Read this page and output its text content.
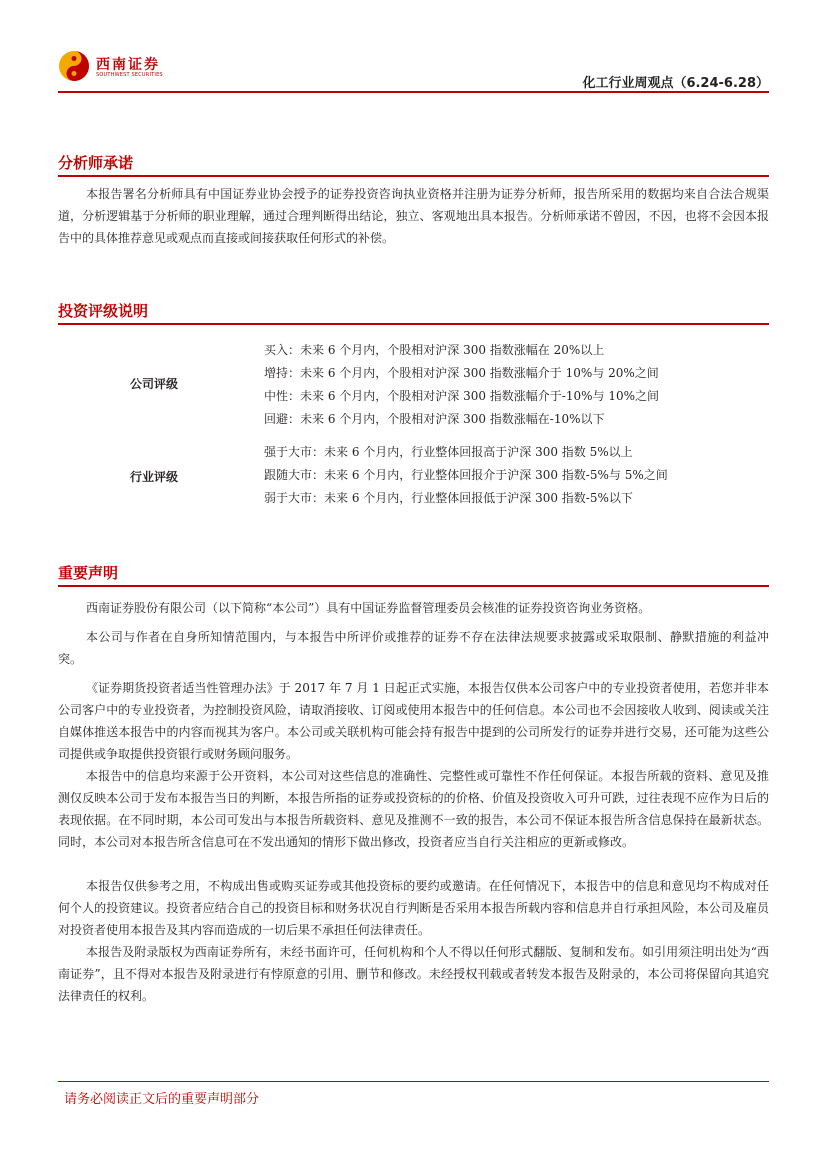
西南证券
SOUTHWEST SECURITIES
化工行业周观点（6.24-6.28）
分析师承诺

本报告署名分析师具有中国证券业协会授予的证券投资咨询执业资格并注册为证券分析师，报告所采用的数据均来自合法合规渠道，分析逻辑基于分析师的职业理解，通过合理判断得出结论，独立、客观地出具本报告。分析师承诺不曾因，不因，也将不会因本报告中的具体推荐意见或观点而直接或间接获取任何形式的补偿。

投资评级说明
公司评级
买入：未来 6 个月内，个股相对沪深 300 指数涨幅在 20%以上
增持：未来 6 个月内，个股相对沪深 300 指数涨幅介于 10%与 20%之间
中性：未来 6 个月内，个股相对沪深 300 指数涨幅介于-10%与 10%之间
回避：未来 6 个月内，个股相对沪深 300 指数涨幅在-10%以下
行业评级
强于大市：未来 6 个月内，行业整体回报高于沪深 300 指数 5%以上
跟随大市：未来 6 个月内，行业整体回报介于沪深 300 指数-5%与 5%之间
弱于大市：未来 6 个月内，行业整体回报低于沪深 300 指数-5%以下
重要声明

西南证券股份有限公司（以下简称“本公司”）具有中国证券监督管理委员会核准的证券投资咨询业务资格。

本公司与作者在自身所知情范围内，与本报告中所评价或推荐的证券不存在法律法规要求披露或采取限制、静默措施的利益冲突。

《证券期货投资者适当性管理办法》于 2017 年 7 月 1 日起正式实施，本报告仅供本公司客户中的专业投资者使用，若您并非本公司客户中的专业投资者，为控制投资风险，请取消接收、订阅或使用本报告中的任何信息。本公司也不会因接收人收到、阅读或关注自媒体推送本报告中的内容而视其为客户。本公司或关联机构可能会持有报告中提到的公司所发行的证券并进行交易，还可能为这些公司提供或争取提供投资银行或财务顾问服务。

本报告中的信息均来源于公开资料，本公司对这些信息的准确性、完整性或可靠性不作任何保证。本报告所载的资料、意见及推测仅反映本公司于发布本报告当日的判断，本报告所指的证券或投资标的的价格、价值及投资收入可升可跌，过往表现不应作为日后的表现依据。在不同时期，本公司可发出与本报告所载资料、意见及推测不一致的报告，本公司不保证本报告所含信息保持在最新状态。同时，本公司对本报告所含信息可在不发出通知的情形下做出修改，投资者应当自行关注相应的更新或修改。

本报告仅供参考之用，不构成出售或购买证券或其他投资标的要约或邀请。在任何情况下，本报告中的信息和意见均不构成对任何个人的投资建议。投资者应结合自己的投资目标和财务状况自行判断是否采用本报告所载内容和信息并自行承担风险，本公司及雇员对投资者使用本报告及其内容而造成的一切后果不承担任何法律责任。

本报告及附录版权为西南证券所有，未经书面许可，任何机构和个人不得以任何形式翻版、复制和发布。如引用须注明出处为“西南证券”，且不得对本报告及附录进行有悖原意的引用、删节和修改。未经授权刊载或者转发本报告及附录的，本公司将保留向其追究法律责任的权利。

请务必阅读正文后的重要声明部分
